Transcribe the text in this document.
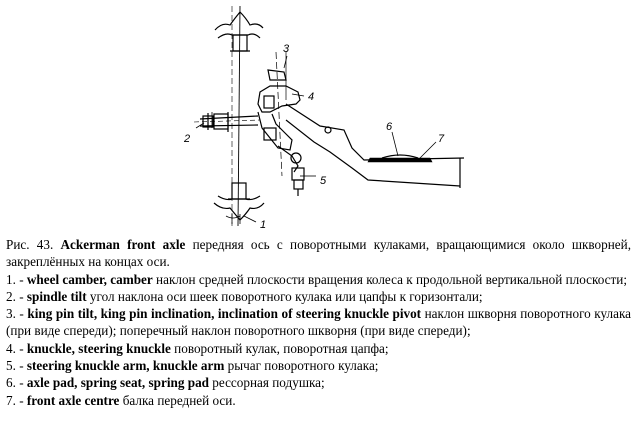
1
2
3
4
5
6
7

Рис. 43. Ackerman front axle передняя ось с поворотными кулаками, вращающимися около шкворней, закреплённых на концах оси.

1. - wheel camber, camber наклон средней плоскости вращения колеса к продольной вертикальной плоскости;

2. - spindle tilt угол наклона оси шеек поворотного кулака или цапфы к горизонтали;

3. - king pin tilt, king pin inclination, inclination of steering knuckle pivot наклон шкворня поворотного кулака (при виде спереди); поперечный наклон поворотного шкворня (при виде спереди);

4. - knuckle, steering knuckle поворотный кулак, поворотная цапфа;

5. - steering knuckle arm, knuckle arm рычаг поворотного кулака;

6. - axle pad, spring seat, spring pad рессорная подушка;

7. - front axle centre балка передней оси.
